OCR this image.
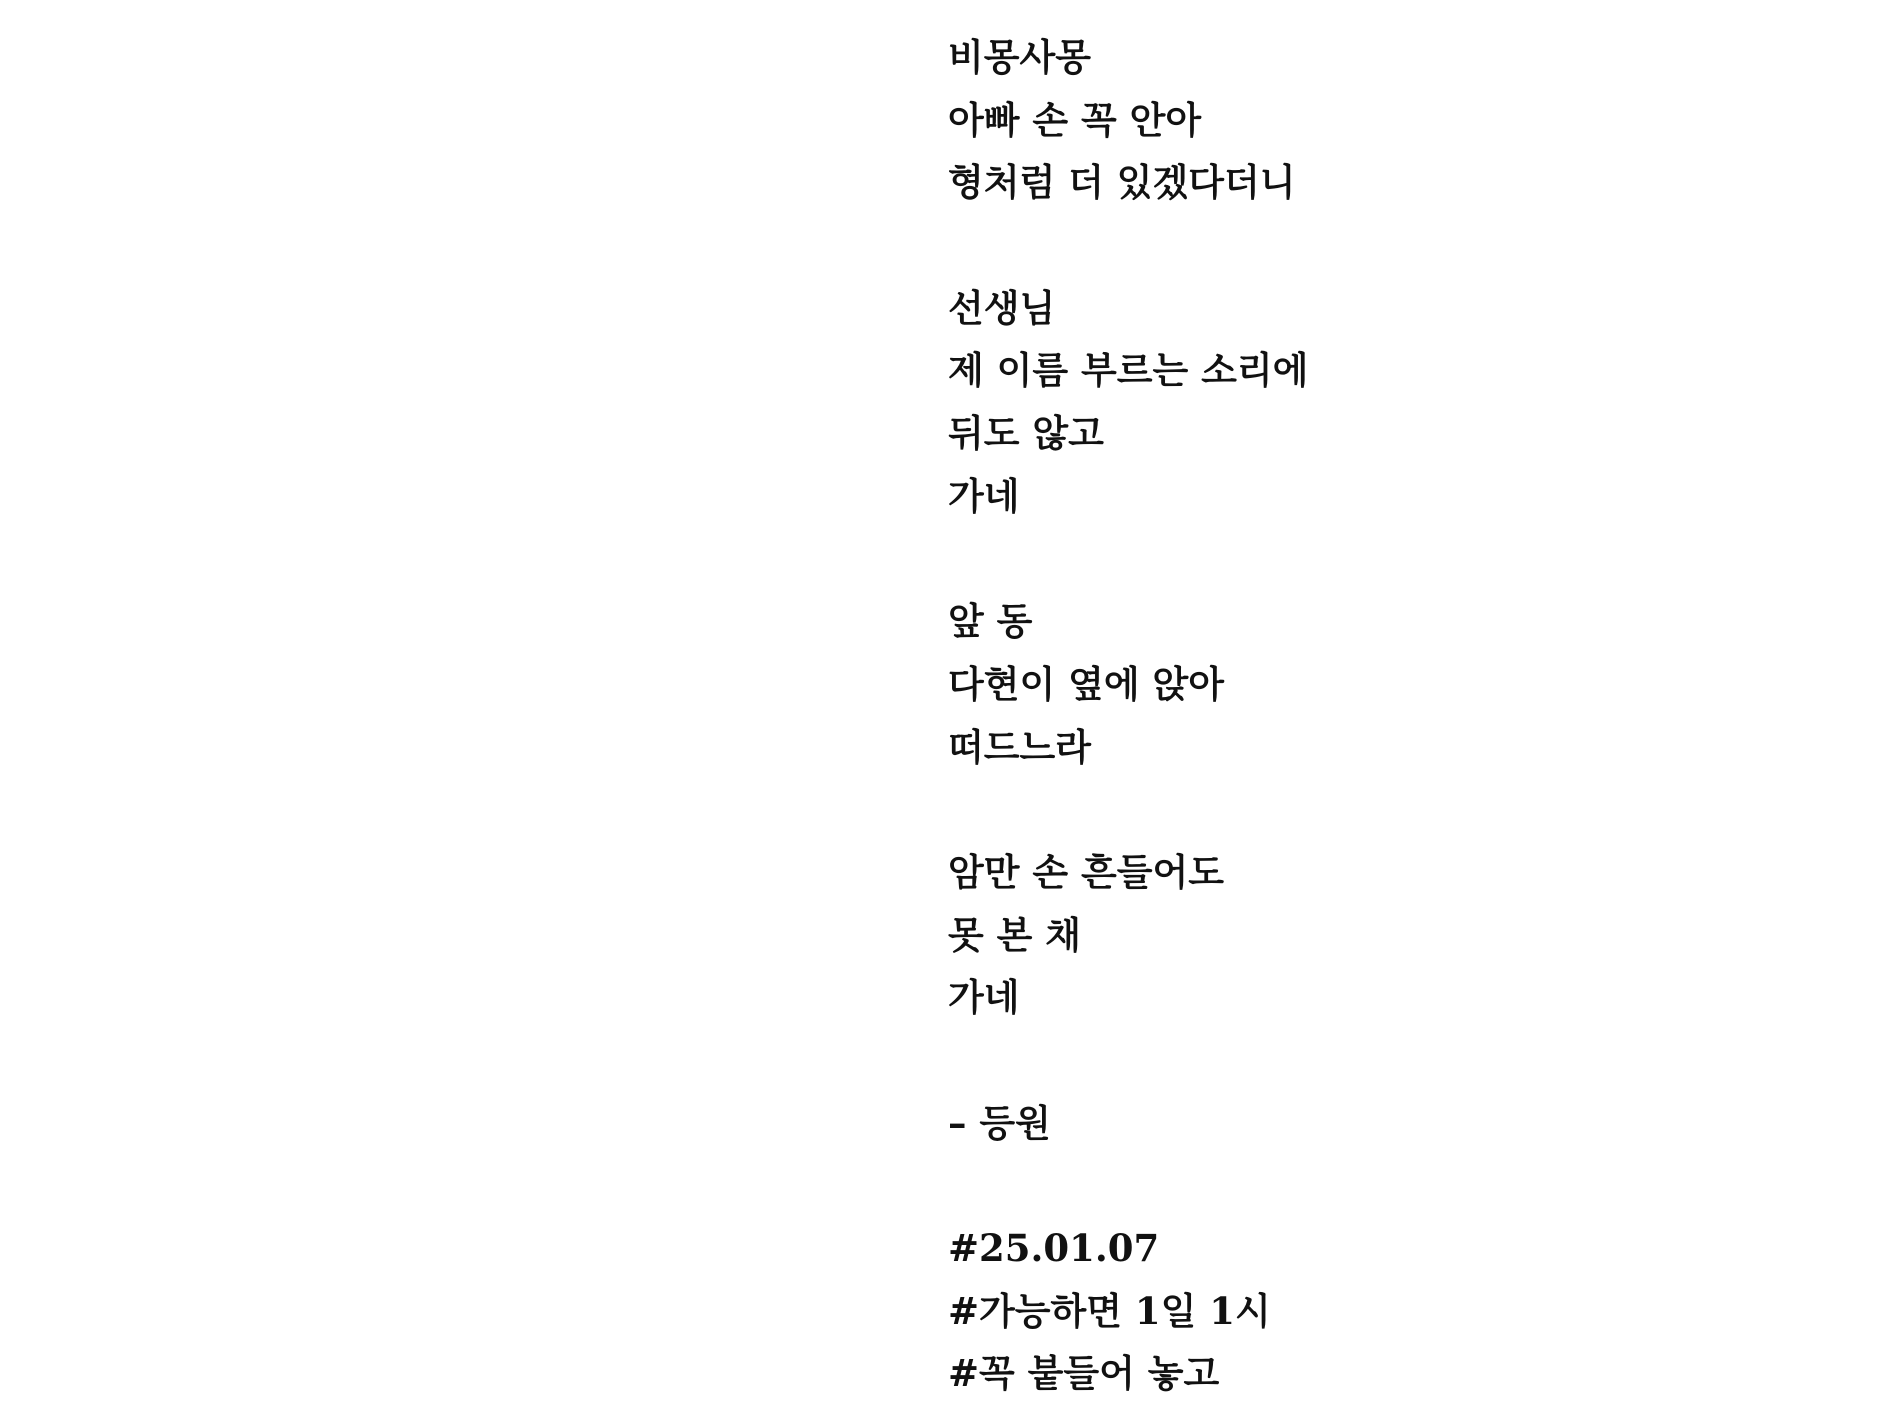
비몽사몽
아빠 손 꼭 안아
형처럼 더 있겠다더니
선생님
제 이름 부르는 소리에
뒤도 않고
가네
앞 동
다현이 옆에 앉아
떠드느라
암만 손 흔들어도
못 본 채
가네
– 등원
#25.01.07
#가능하면 1일 1시
#꼭 붙들어 놓고
